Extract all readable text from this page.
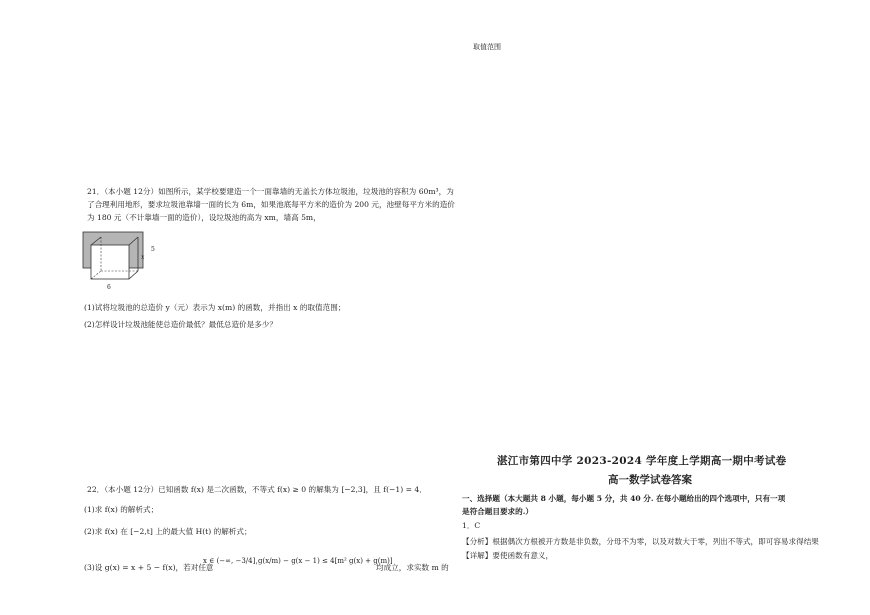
取值范围
21．（本小题 12分）如图所示，某学校要建造一个一面靠墙的无盖长方体垃圾池，垃圾池的容积为 60m³，为
了合理利用地形，要求垃圾池靠墙一面的长为 6m，如果池底每平方米的造价为 200 元，池壁每平方米的造价
为 180 元（不计靠墙一面的造价），设垃圾池的高为 xm，墙高 5m，
5
x
6
(1)试将垃圾池的总造价 y（元）表示为 x(m) 的函数，并指出 x 的取值范围；
(2)怎样设计垃圾池能使总造价最低？最低总造价是多少？
22．（本小题 12分）已知函数 f(x) 是二次函数，不等式 f(x) ≥ 0 的解集为 [−2,3]，且 f(−1) = 4．
(1)求 f(x) 的解析式；
(2)求 f(x) 在 [−2,t] 上的最大值 H(t) 的解析式；
(3)设 g(x) = x + 5 − f(x)，若对任意
x ∈ (−∞, −3/4]，
g(x/m) − g(x − 1) ≤ 4[m² g(x) + g(m)]
均成立，求实数 m 的
湛江市第四中学 2023-2024 学年度上学期高一期中考试卷
高一数学试卷答案
一、选择题（本大题共 8 小题，每小题 5 分，共 40 分. 在每小题给出的四个选项中，只有一项
是符合题目要求的.）
1．C
【分析】根据偶次方根被开方数是非负数，分母不为零，以及对数大于零，列出不等式，即可容易求得结果
【详解】要使函数有意义，
